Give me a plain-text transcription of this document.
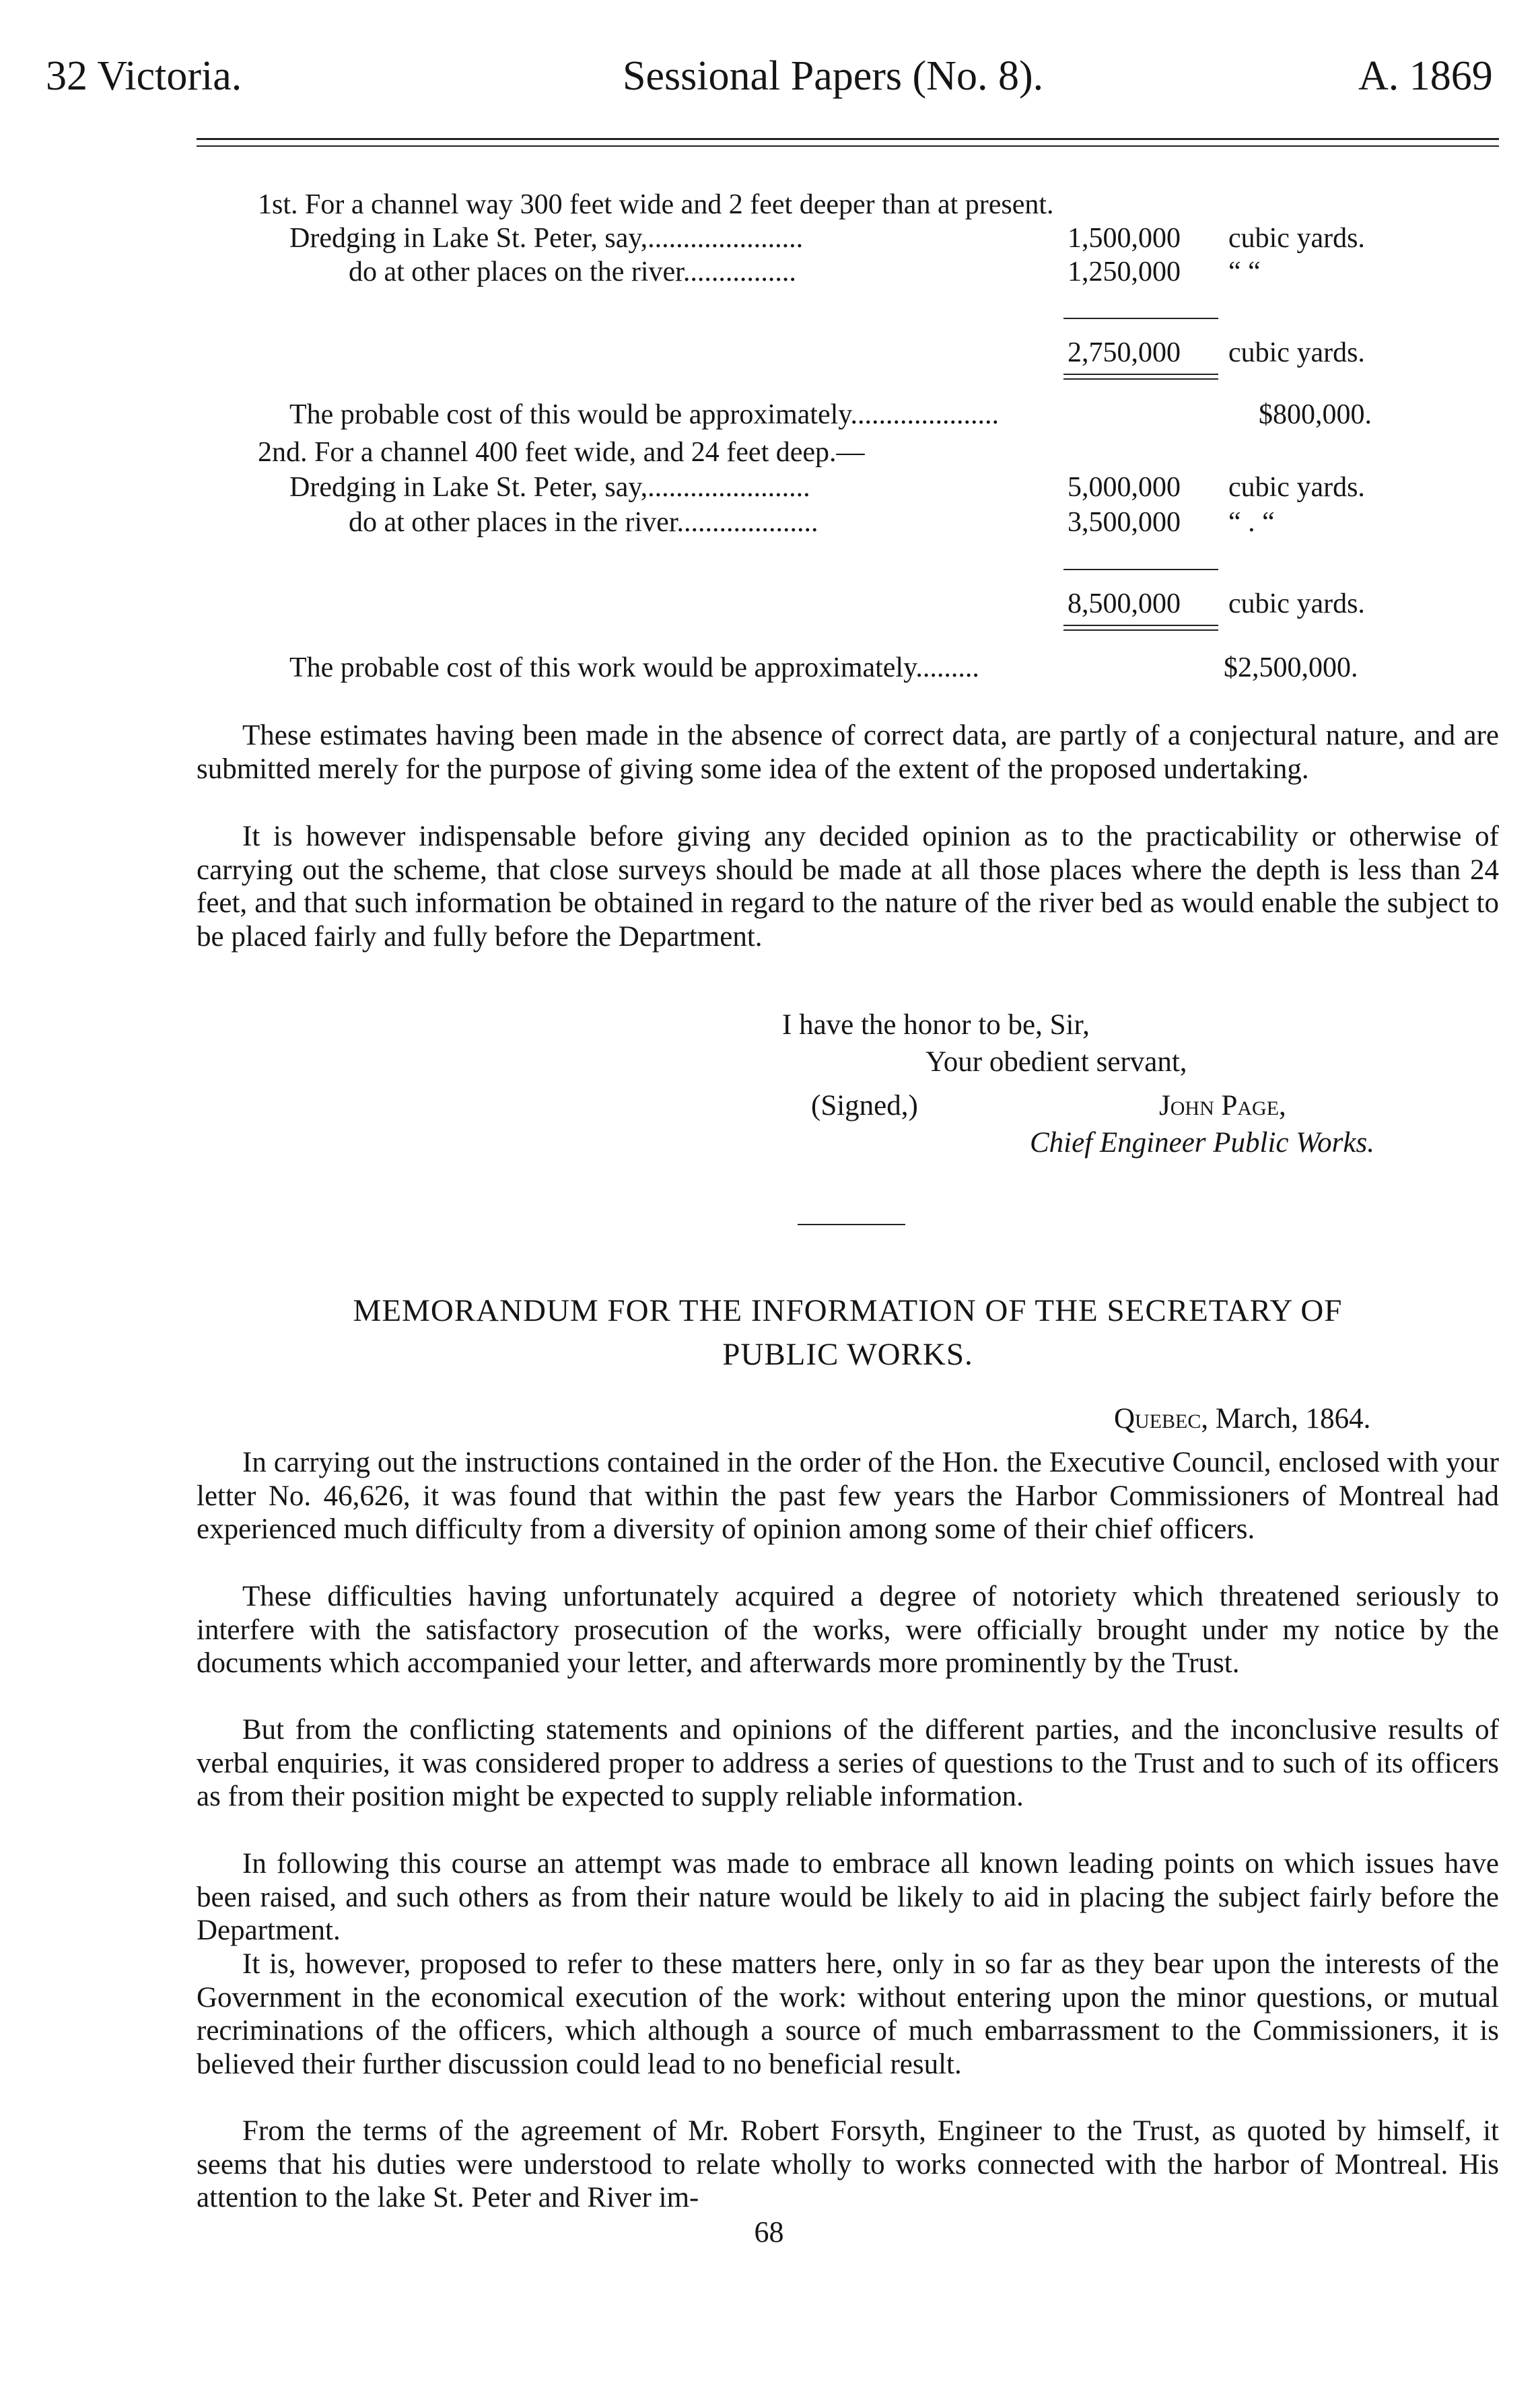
32 Victoria.	Sessional Papers (No. 8).	A. 1869
1st. For a channel way 300 feet wide and 2 feet deeper than at present.
Dredging in Lake St. Peter, say,......................	1,500,000 cubic yards.
do at other places on the river................	1,250,000 “ “
2,750,000 cubic yards.
The probable cost of this would be approximately.....................	$800,000.
2nd. For a channel 400 feet wide, and 24 feet deep.—
Dredging in Lake St. Peter, say,.......................	5,000,000 cubic yards.
do at other places in the river....................	3,500,000 “ . “
8,500,000 cubic yards.
The probable cost of this work would be approximately.........	$2,500,000.

These estimates having been made in the absence of correct data, are partly of a conjectural nature, and are submitted merely for the purpose of giving some idea of the extent of the proposed undertaking.

It is however indispensable before giving any decided opinion as to the practicability or otherwise of carrying out the scheme, that close surveys should be made at all those places where the depth is less than 24 feet, and that such information be obtained in regard to the nature of the river bed as would enable the subject to be placed fairly and fully before the Department.

I have the honor to be, Sir,
Your obedient servant,
(Signed,)	John Page,
Chief Engineer Public Works.
MEMORANDUM FOR THE INFORMATION OF THE SECRETARY OF
PUBLIC WORKS.
Quebec, March, 1864.

In carrying out the instructions contained in the order of the Hon. the Executive Council, enclosed with your letter No. 46,626, it was found that within the past few years the Harbor Commissioners of Montreal had experienced much difficulty from a diversity of opinion among some of their chief officers.

These difficulties having unfortunately acquired a degree of notoriety which threatened seriously to interfere with the satisfactory prosecution of the works, were officially brought under my notice by the documents which accompanied your letter, and afterwards more prominently by the Trust.

But from the conflicting statements and opinions of the different parties, and the inconclusive results of verbal enquiries, it was considered proper to address a series of questions to the Trust and to such of its officers as from their position might be expected to supply reliable information.

In following this course an attempt was made to embrace all known leading points on which issues have been raised, and such others as from their nature would be likely to aid in placing the subject fairly before the Department.

It is, however, proposed to refer to these matters here, only in so far as they bear upon the interests of the Government in the economical execution of the work: without entering upon the minor questions, or mutual recriminations of the officers, which although a source of much embarrassment to the Commissioners, it is believed their further discussion could lead to no beneficial result.

From the terms of the agreement of Mr. Robert Forsyth, Engineer to the Trust, as quoted by himself, it seems that his duties were understood to relate wholly to works connected with the harbor of Montreal. His attention to the lake St. Peter and River im-

68
